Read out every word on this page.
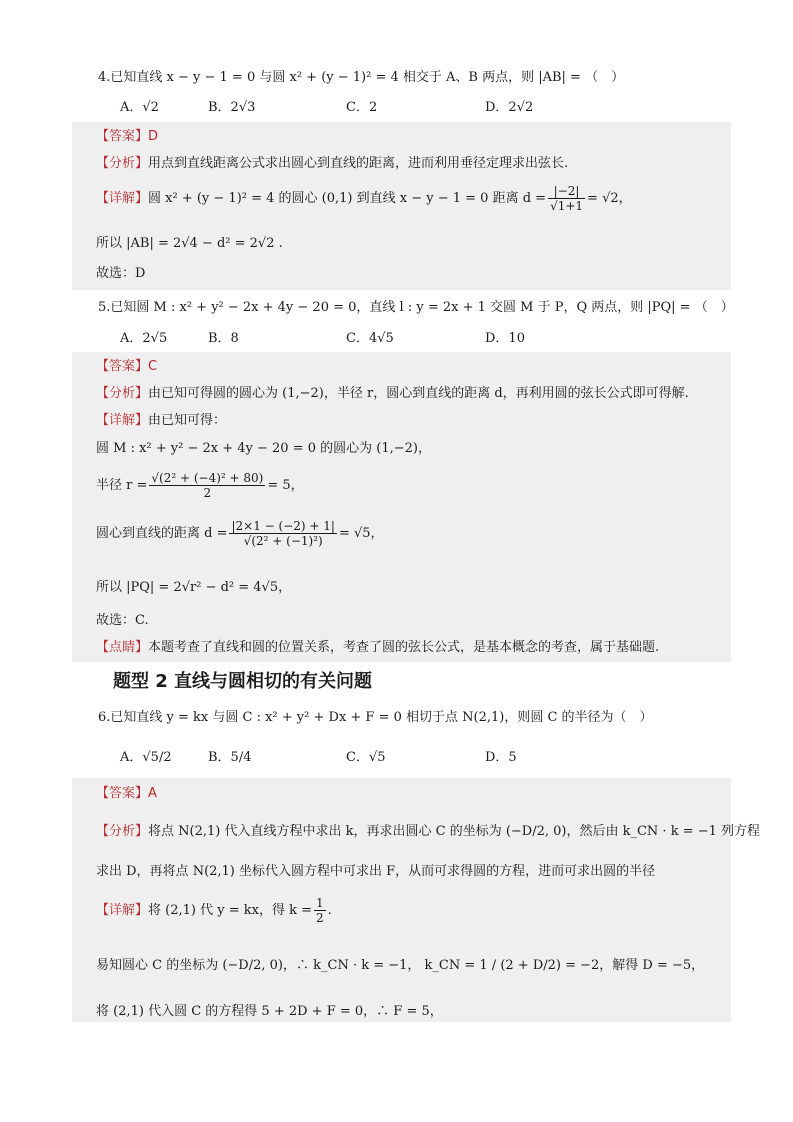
4.已知直线 x − y − 1 = 0 与圆 x² + (y − 1)² = 4 相交于 A、B 两点，则 |AB| = （　）
A．√2	B．2√3	C．2	D．2√2
【答案】D
【分析】用点到直线距离公式求出圆心到直线的距离，进而利用垂径定理求出弦长.
【详解】圆 x² + (y − 1)² = 4 的圆心 (0,1) 到直线 x − y − 1 = 0 距离 $d = \frac{|-2|}{√1+1} = √2$，
所以 |AB| = 2√4 − d² = 2√2 .
故选：D
5.已知圆 M : x² + y² − 2x + 4y − 20 = 0，直线 l : y = 2x + 1 交圆 M 于 P，Q 两点，则 |PQ| = （　）
A．2√5	B．8	C．4√5	D．10
【答案】C
【分析】由已知可得圆的圆心为 (1,−2)，半径 r，圆心到直线的距离 d，再利用圆的弦长公式即可得解.
【详解】由已知可得：
圆 M : x² + y² − 2x + 4y − 20 = 0 的圆心为 (1,−2)，
半径 $r = \frac{\text{√(2² + (−4)² + 80)}}{2} = 5$，
圆心到直线的距离 $d = \frac{|2\times 1 - (-2) + 1|}{\text{√(2² + (−1)²)}} = √5$，
所以 |PQ| = 2√r² − d² = 4√5，
故选：C.
【点睛】本题考查了直线和圆的位置关系，考查了圆的弦长公式，是基本概念的考查，属于基础题.
题型 2 直线与圆相切的有关问题
6.已知直线 y = kx 与圆 C : x² + y² + Dx + F = 0 相切于点 N(2,1)，则圆 C 的半径为（　）
A．√5/2	B．5/4	C．√5	D．5
【答案】A
【分析】将点 N(2,1) 代入直线方程中求出 k，再求出圆心 C 的坐标为 (−D/2, 0)，然后由 k_CN · k = −1 列方程
求出 D，再将点 N(2,1) 坐标代入圆方程中可求出 F，从而可求得圆的方程，进而可求出圆的半径
【详解】将 (2,1) 代 y = kx，得 $k = \frac{1}{2}$ .
易知圆心 C 的坐标为 (−D/2, 0)，∴ k_CN · k = −1， k_CN = 1 / (2 + D/2) = −2，解得 D = −5，
将 (2,1) 代入圆 C 的方程得 5 + 2D + F = 0，∴ F = 5，
